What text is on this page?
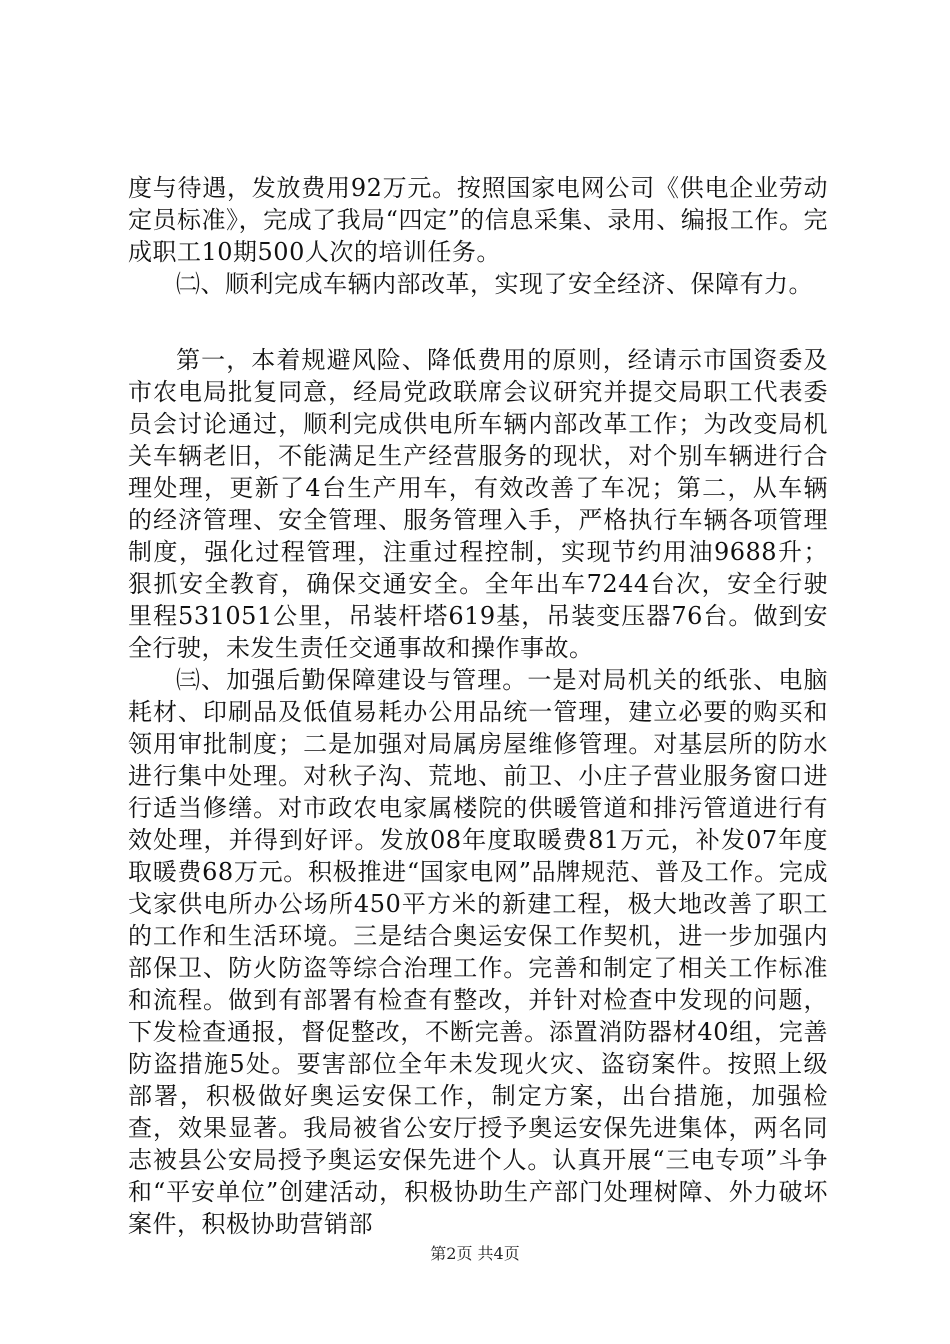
度与待遇，发放费用92万元。按照国家电网公司《供电企业劳动定员标准》，完成了我局“四定”的信息采集、录用、编报工作。完成职工10期500人次的培训任务。

㈡、顺利完成车辆内部改革，实现了安全经济、保障有力。

第一，本着规避风险、降低费用的原则，经请示市国资委及市农电局批复同意，经局党政联席会议研究并提交局职工代表委员会讨论通过，顺利完成供电所车辆内部改革工作；为改变局机关车辆老旧，不能满足生产经营服务的现状，对个别车辆进行合理处理，更新了4台生产用车，有效改善了车况；第二，从车辆的经济管理、安全管理、服务管理入手，严格执行车辆各项管理制度，强化过程管理，注重过程控制，实现节约用油9688升；狠抓安全教育，确保交通安全。全年出车7244台次，安全行驶里程531051公里，吊装杆塔619基，吊装变压器76台。做到安全行驶，未发生责任交通事故和操作事故。

㈢、加强后勤保障建设与管理。一是对局机关的纸张、电脑耗材、印刷品及低值易耗办公用品统一管理，建立必要的购买和领用审批制度；二是加强对局属房屋维修管理。对基层所的防水进行集中处理。对秋子沟、荒地、前卫、小庄子营业服务窗口进行适当修缮。对市政农电家属楼院的供暖管道和排污管道进行有效处理，并得到好评。发放08年度取暖费81万元，补发07年度取暖费68万元。积极推进“国家电网”品牌规范、普及工作。完成戈家供电所办公场所450平方米的新建工程，极大地改善了职工的工作和生活环境。三是结合奥运安保工作契机，进一步加强内部保卫、防火防盗等综合治理工作。完善和制定了相关工作标准和流程。做到有部署有检查有整改，并针对检查中发现的问题，下发检查通报，督促整改，不断完善。添置消防器材40组，完善防盗措施5处。要害部位全年未发现火灾、盗窃案件。按照上级部署，积极做好奥运安保工作，制定方案，出台措施，加强检查，效果显著。我局被省公安厅授予奥运安保先进集体，两名同志被县公安局授予奥运安保先进个人。认真开展“三电专项”斗争和“平安单位”创建活动，积极协助生产部门处理树障、外力破坏案件，积极协助营销部

第2页 共4页
